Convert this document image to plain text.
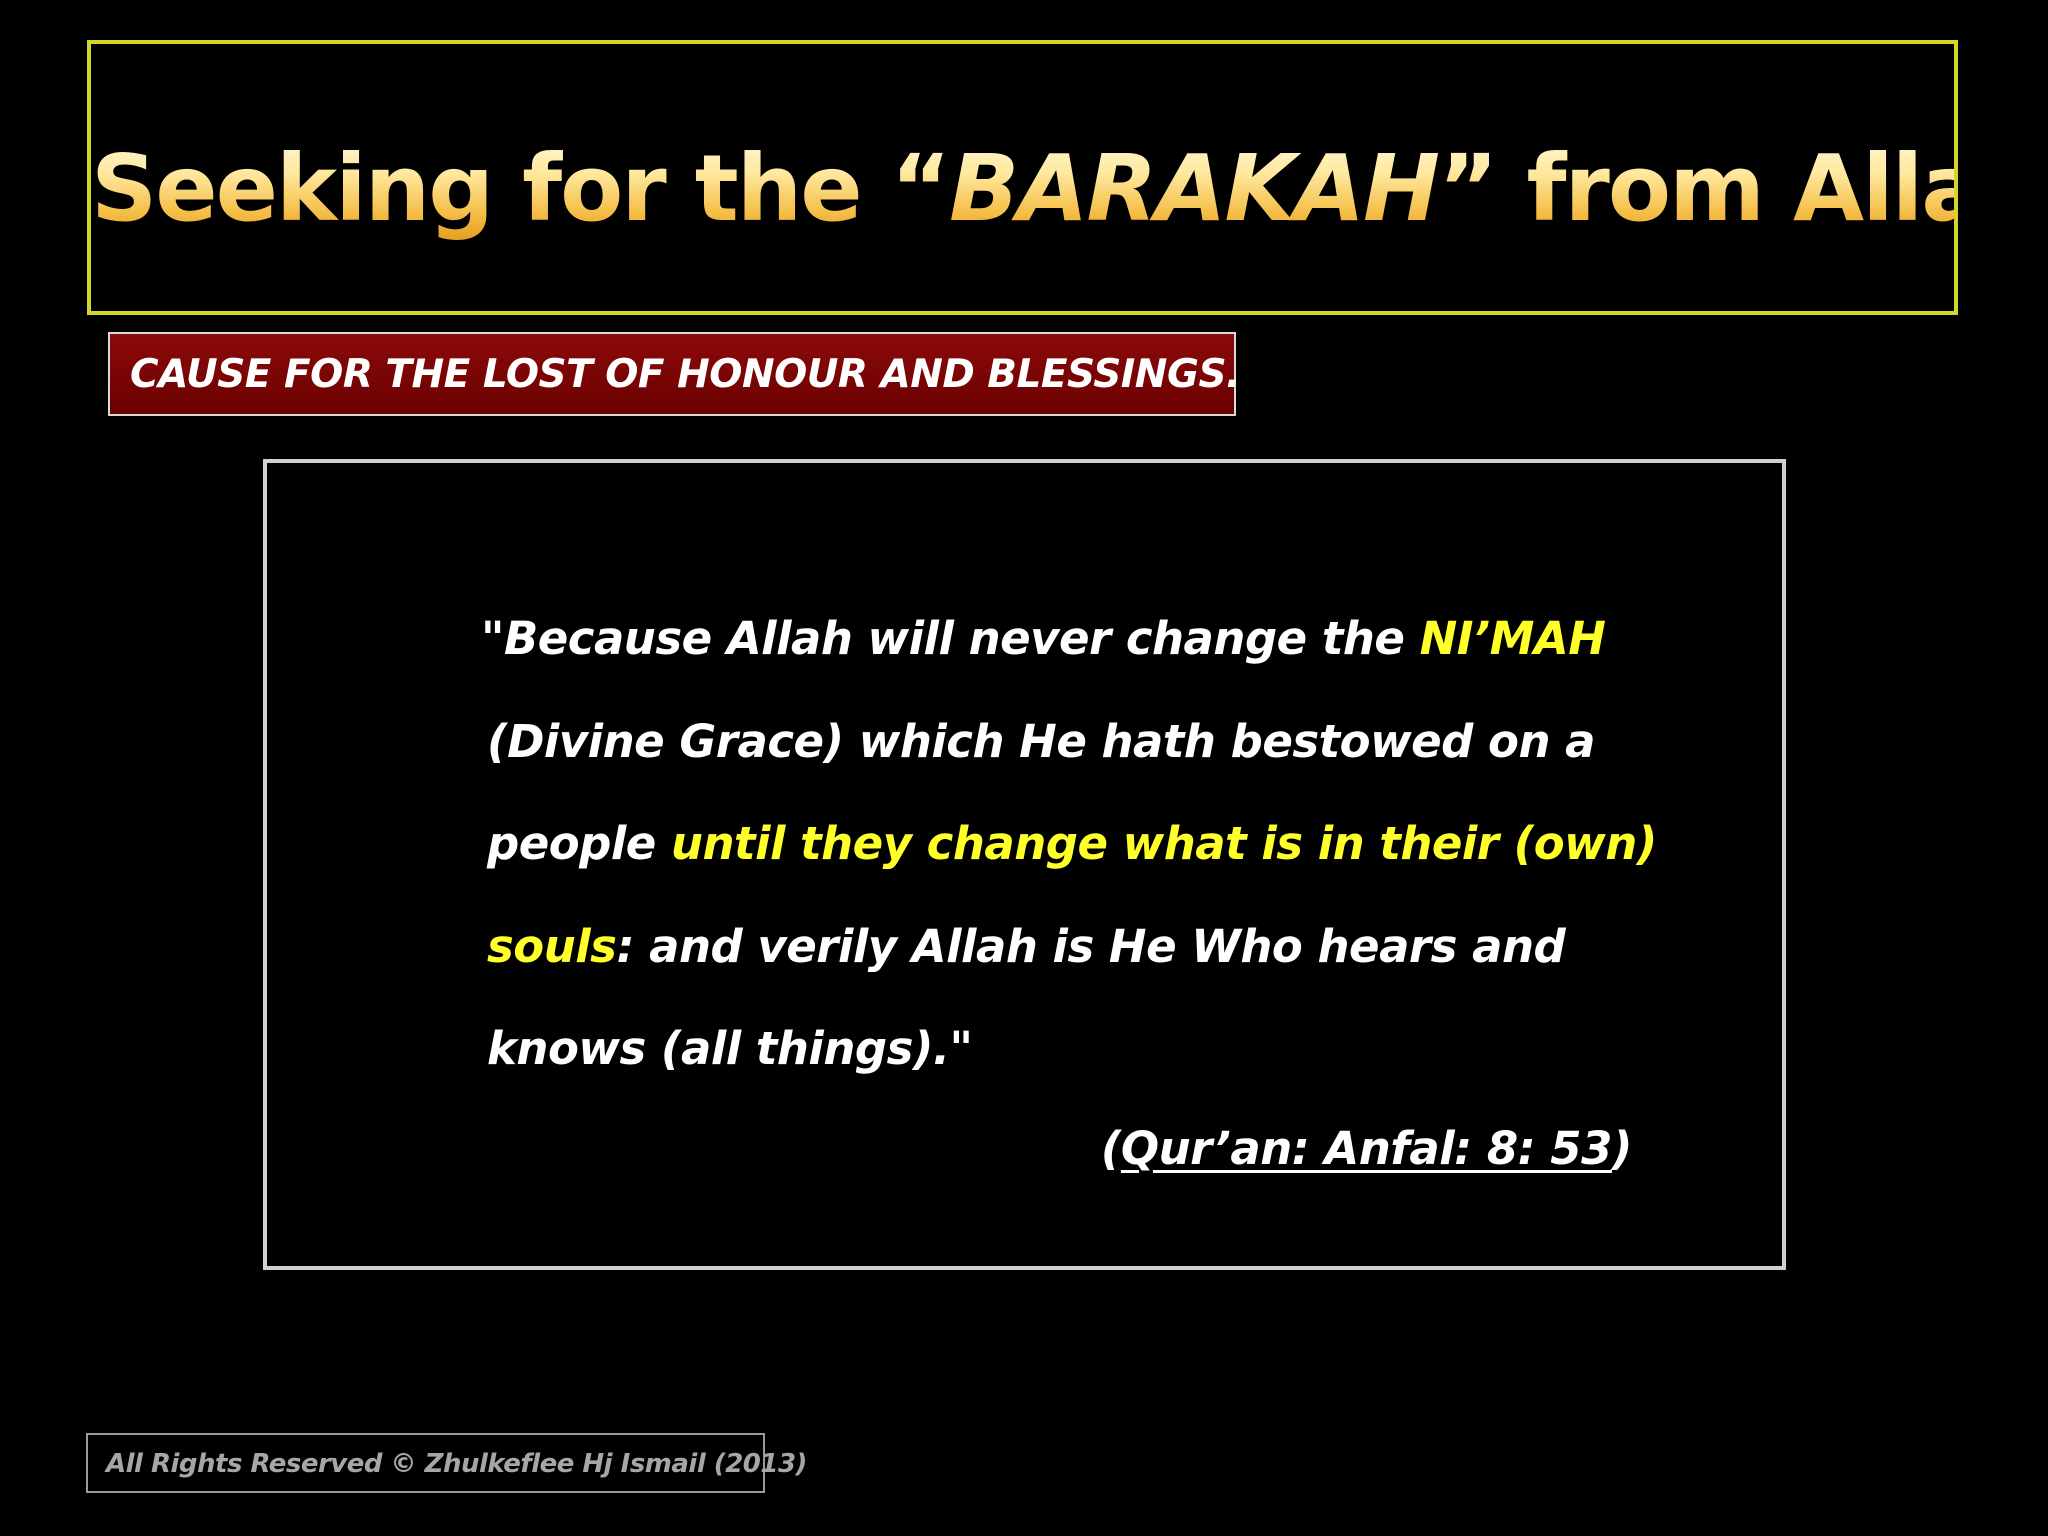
Seeking for the “BARAKAH” from Allah
CAUSE FOR THE LOST OF HONOUR AND BLESSINGS.
"Because Allah will never change the NI’MAH
(Divine Grace) which He hath bestowed on a
people until they change what is in their (own)
souls: and verily Allah is He Who hears and
knows (all things)."
(Qur’an: Anfal: 8: 53)
All Rights Reserved © Zhulkeflee Hj Ismail (2013)
